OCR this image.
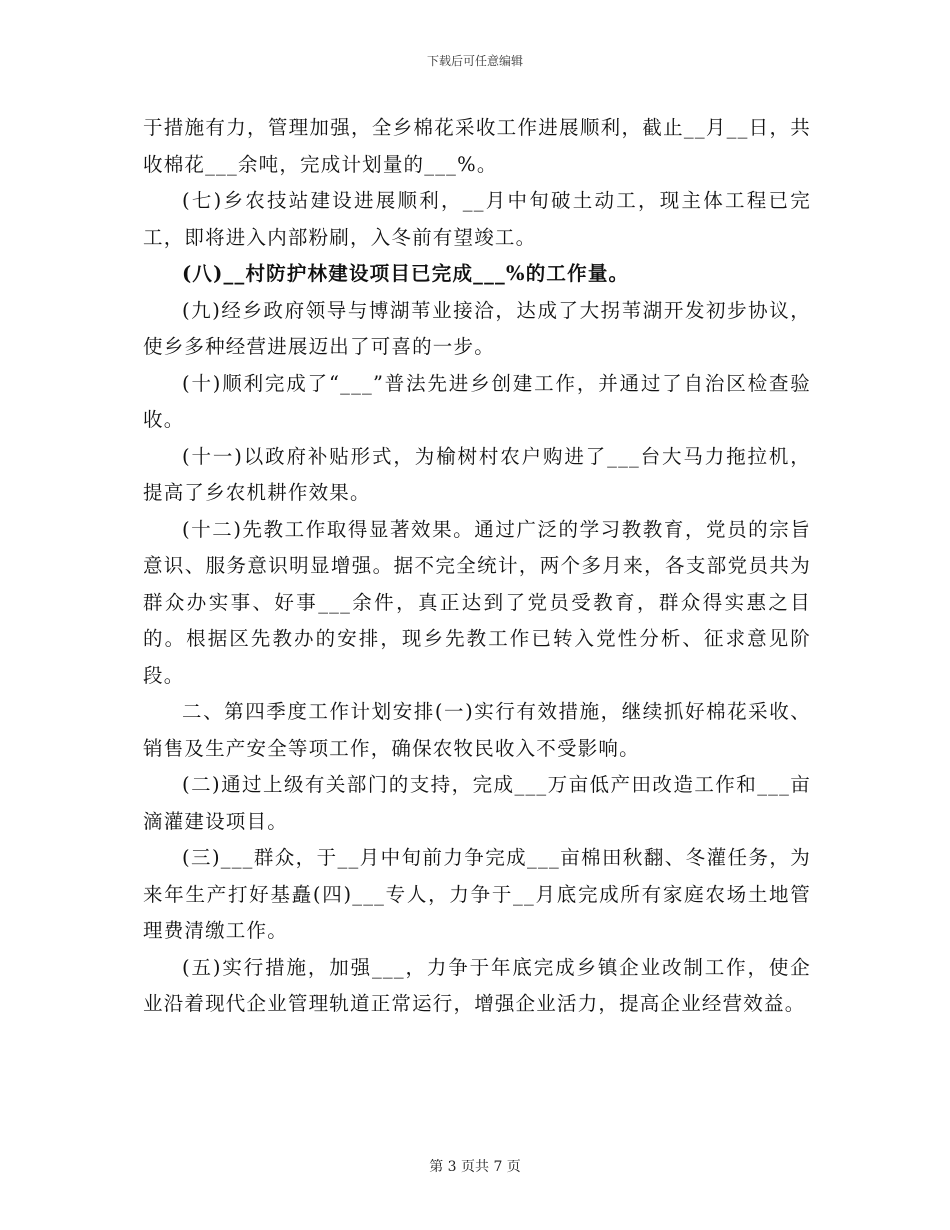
下载后可任意编辑

于措施有力，管理加强，全乡棉花采收工作进展顺利，截止__月__日，共收棉花___余吨，完成计划量的___%。

(七)乡农技站建设进展顺利，__月中旬破土动工，现主体工程已完工，即将进入内部粉刷，入冬前有望竣工。

(八)__村防护林建设项目已完成___%的工作量。

(九)经乡政府领导与博湖苇业接洽，达成了大拐苇湖开发初步协议，使乡多种经营进展迈出了可喜的一步。

(十)顺利完成了“___”普法先进乡创建工作，并通过了自治区检查验收。

(十一)以政府补贴形式，为榆树村农户购进了___台大马力拖拉机，提高了乡农机耕作效果。

(十二)先教工作取得显著效果。通过广泛的学习教教育，党员的宗旨意识、服务意识明显增强。据不完全统计，两个多月来，各支部党员共为群众办实事、好事___余件，真正达到了党员受教育，群众得实惠之目的。根据区先教办的安排，现乡先教工作已转入党性分析、征求意见阶段。

二、第四季度工作计划安排(一)实行有效措施，继续抓好棉花采收、销售及生产安全等项工作，确保农牧民收入不受影响。

(二)通过上级有关部门的支持，完成___万亩低产田改造工作和___亩滴灌建设项目。

(三)___群众，于__月中旬前力争完成___亩棉田秋翻、冬灌任务，为来年生产打好基矗(四)___专人，力争于__月底完成所有家庭农场土地管理费清缴工作。

(五)实行措施，加强___，力争于年底完成乡镇企业改制工作，使企业沿着现代企业管理轨道正常运行，增强企业活力，提高企业经营效益。

第 3 页共 7 页
